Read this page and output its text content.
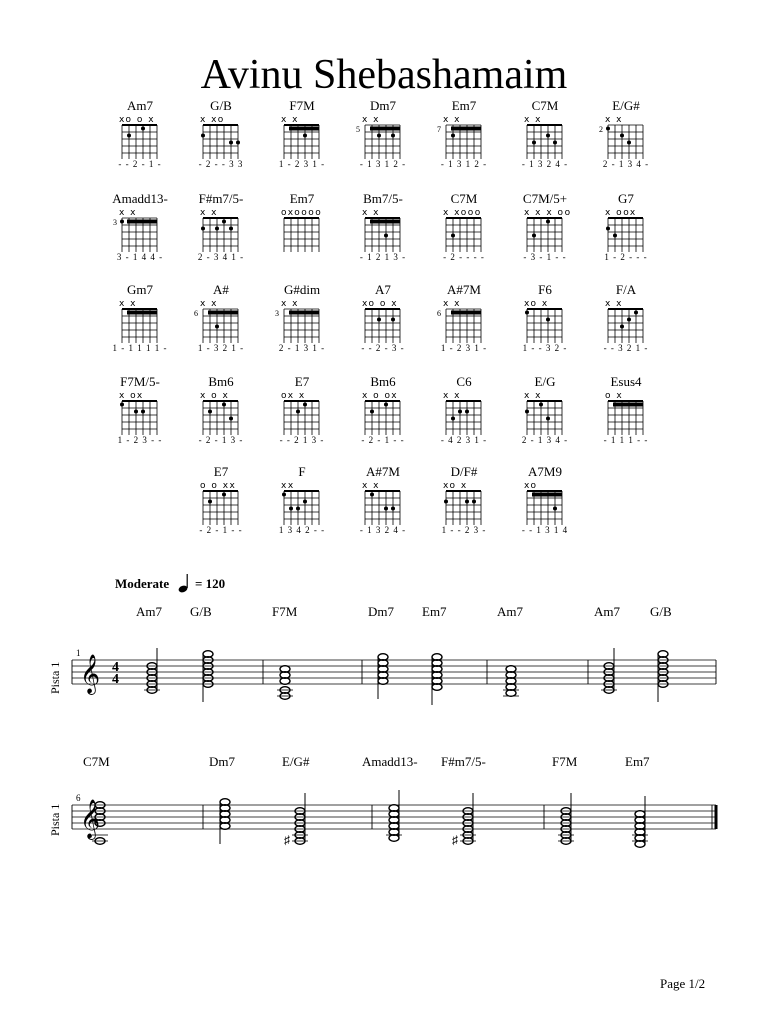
Avinu Shebashamaim
Am7
xo o x
- - 2 - 1 -
G/B
x xo
- 2 - - 3 3
F7M
x x
1 - 2 3 1 -
Dm7
x x
5
- 1 3 1 2 -
Em7
x x
7
- 1 3 1 2 -
C7M
x x
- 1 3 2 4 -
E/G#
x x
2
2 - 1 3 4 -
Amadd13-
x x
3
3 - 1 4 4 -
F#m7/5-
x x
2 - 3 4 1 -
Em7
oxoooo
Bm7/5-
x x
- 1 2 1 3 -
C7M
x xooo
- 2 - - - -
C7M/5+
x x x oo
- 3 - 1 - -
G7
x oox
1 - 2 - - -
Gm7
x x
1 - 1 1 1 1 -
A#
x x
6
1 - 3 2 1 -
G#dim
x x
3
2 - 1 3 1 -
A7
xo o x
- - 2 - 3 -
A#7M
x x
6
1 - 2 3 1 -
F6
xo x
1 - - 3 2 -
F/A
x x
- - 3 2 1 -
F7M/5-
x ox
1 - 2 3 - -
Bm6
x o x
- 2 - 1 3 -
E7
ox x
- - 2 1 3 -
Bm6
x o ox
- 2 - 1 - -
C6
x x
- 4 2 3 1 -
E/G
x x
2 - 1 3 4 -
Esus4
o x
- 1 1 1 - -
E7
o o xx
- 2 - 1 - -
F
xx
1 3 4 2 - -
A#7M
x x
- 1 3 2 4 -
D/F#
xo x
1 - - 2 3 -
A7M9
xo
- - 1 3 1 4
Moderate = 120
Am7 G/B	F7M	Dm7 Em7	Am7	Am7 G/B
Pista 1
1
𝄞 4
4
C7M	Dm7	E/G#	Amadd13- F#m7/5-	F7M	Em7
Pista 1
6
𝄞
♯	♯
Page 1/2
